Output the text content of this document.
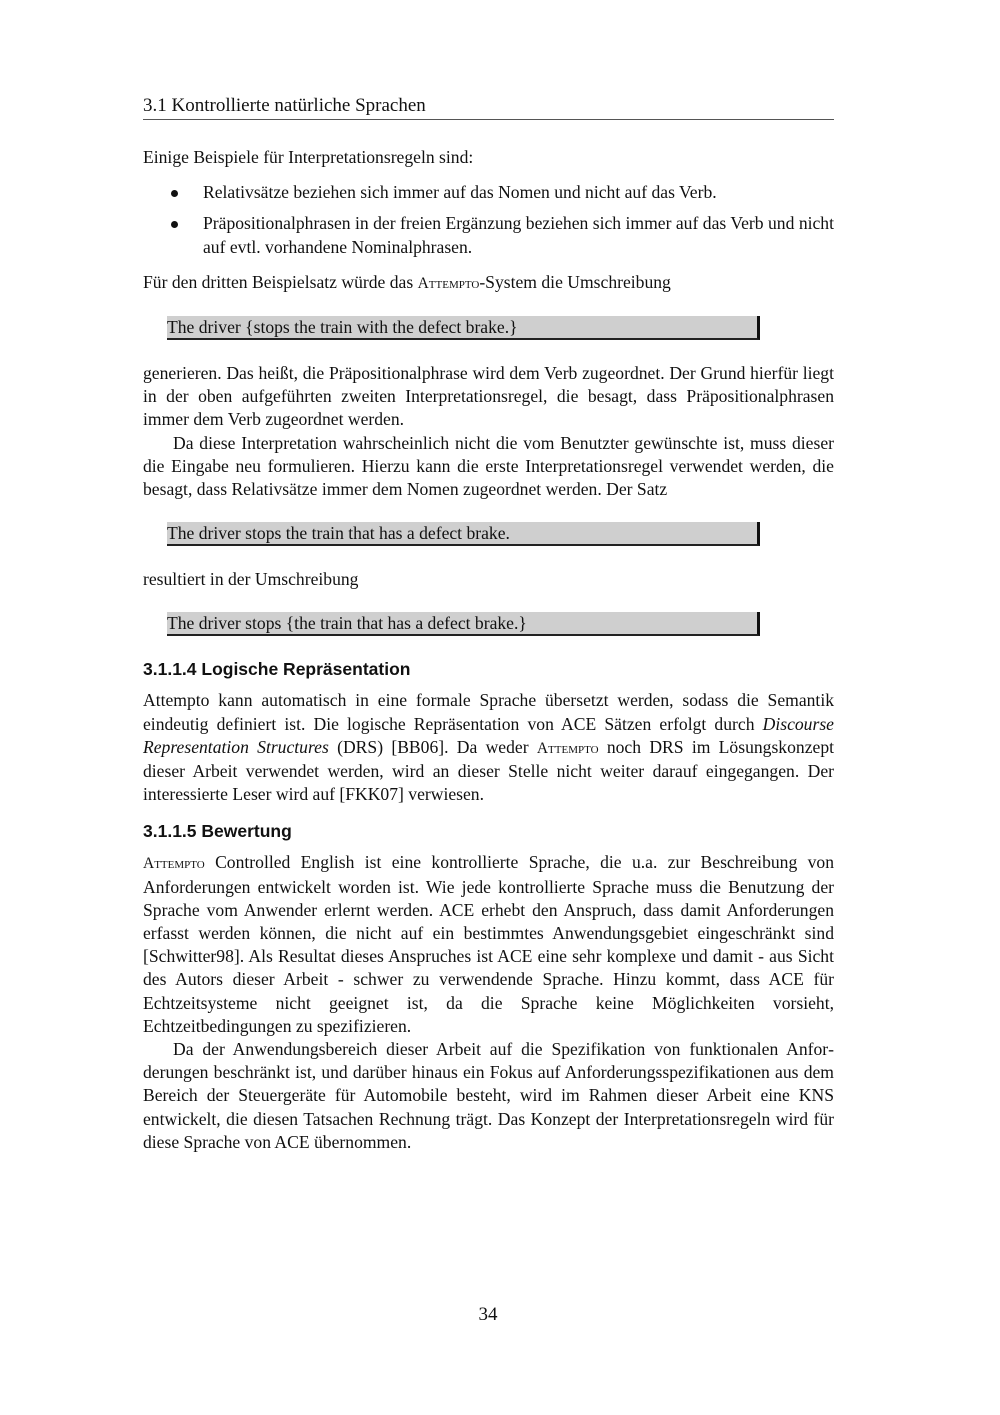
3.1 Kontrollierte natürliche Sprachen

Einige Beispiele für Interpretationsregeln sind:

Relativsätze beziehen sich immer auf das Nomen und nicht auf das Verb.
Präpositionalphrasen in der freien Ergänzung beziehen sich immer auf das Verb und nicht auf evtl. vorhandene Nominalphrasen.

Für den dritten Beispielsatz würde das Attempto-System die Umschreibung

The driver {stops the train with the defect brake.}

generieren. Das heißt, die Präpositionalphrase wird dem Verb zugeordnet. Der Grund hierfür liegt in der oben aufgeführten zweiten Interpretationsregel, die besagt, dass Präpositionalphrasen immer dem Verb zugeordnet werden.

Da diese Interpretation wahrscheinlich nicht die vom Benutzter gewünschte ist, muss dieser die Eingabe neu formulieren. Hierzu kann die erste Interpretationsregel verwendet werden, die besagt, dass Relativsätze immer dem Nomen zugeordnet werden. Der Satz

The driver stops the train that has a defect brake.

resultiert in der Umschreibung

The driver stops {the train that has a defect brake.}
3.1.1.4 Logische Repräsentation

Attempto kann automatisch in eine formale Sprache übersetzt werden, sodass die Semantik eindeutig definiert ist. Die logische Repräsentation von ACE Sätzen erfolgt durch Discourse Representation Structures (DRS) [BB06]. Da weder Attempto noch DRS im Lösungskonzept dieser Arbeit verwendet werden, wird an dieser Stelle nicht weiter darauf eingegangen. Der interessierte Leser wird auf [FKK07] verwiesen.

3.1.1.5 Bewertung

Attempto Controlled English ist eine kontrollierte Sprache, die u.a. zur Beschreibung von Anforderungen entwickelt worden ist. Wie jede kontrollierte Sprache muss die Benutzung der Sprache vom Anwender erlernt werden. ACE erhebt den Anspruch, dass damit Anforderungen erfasst werden können, die nicht auf ein bestimmtes Anwendungsgebiet eingeschränkt sind [Schwitter98]. Als Resultat dieses Anspruches ist ACE eine sehr komplexe und damit - aus Sicht des Autors dieser Arbeit - schwer zu verwendende Sprache. Hinzu kommt, dass ACE für Echtzeitsysteme nicht geeignet ist, da die Sprache keine Möglichkeiten vorsieht, Echtzeitbedingungen zu spezifizieren.

Da der Anwendungsbereich dieser Arbeit auf die Spezifikation von funktionalen Anforderungen beschränkt ist, und darüber hinaus ein Fokus auf Anforderungsspezifikationen aus dem Bereich der Steuergeräte für Automobile besteht, wird im Rahmen dieser Arbeit eine KNS entwickelt, die diesen Tatsachen Rechnung trägt. Das Konzept der Interpretationsregeln wird für diese Sprache von ACE übernommen.

34
